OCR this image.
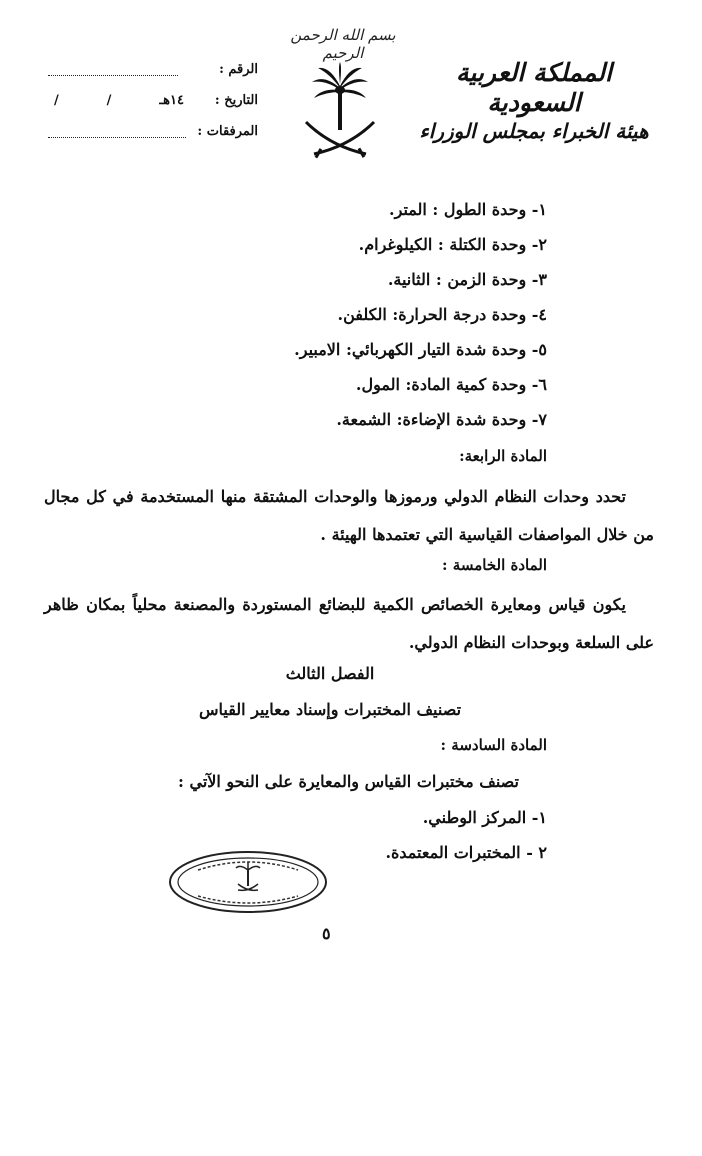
بسم الله الرحمن الرحيم
المملكة العربية السعودية
هيئة الخبراء بمجلس الوزراء
الرقم :
التاريخ :
/	/	١٤هـ
المرفقات :
١- وحدة الطول : المتر.
٢- وحدة الكتلة : الكيلوغرام.
٣- وحدة الزمن : الثانية.
٤- وحدة درجة الحرارة: الكلفن.
٥- وحدة شدة التيار الكهربائي: الامبير.
٦- وحدة كمية المادة: المول.
٧- وحدة شدة الإضاءة: الشمعة.
المادة الرابعة:
تحدد وحدات النظام الدولي ورموزها والوحدات المشتقة منها المستخدمة في كل مجال من خلال المواصفات القياسية التي تعتمدها الهيئة .
المادة الخامسة :
يكون قياس ومعايرة الخصائص الكمية للبضائع المستوردة والمصنعة محلياً بمكان ظاهر على السلعة وبوحدات النظام الدولي.
الفصل الثالث
تصنيف المختبرات وإسناد معايير القياس
المادة السادسة :
تصنف مختبرات القياس والمعايرة على النحو الآتي :
١- المركز الوطني.
٢ - المختبرات المعتمدة.
٥
